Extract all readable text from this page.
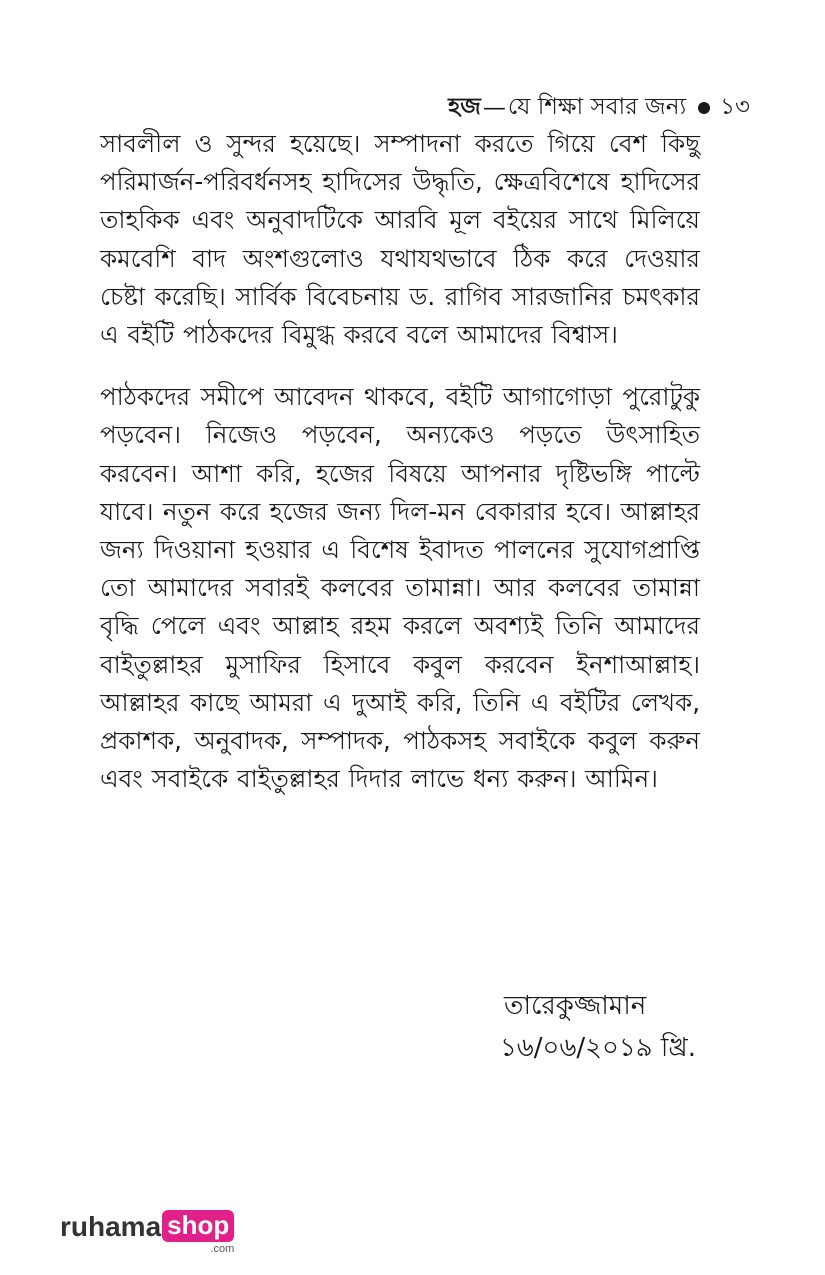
হজ — যে শিক্ষা সবার জন্য ১৩

সাবলীল ও সুন্দর হয়েছে। সম্পাদনা করতে গিয়ে বেশ কিছু পরিমার্জন-পরিবর্ধনসহ হাদিসের উদ্ধৃতি, ক্ষেত্রবিশেষে হাদিসের তাহকিক এবং অনুবাদটিকে আরবি মূল বইয়ের সাথে মিলিয়ে কমবেশি বাদ অংশগুলোও যথাযথভাবে ঠিক করে দেওয়ার চেষ্টা করেছি। সার্বিক বিবেচনায় ড. রাগিব সারজানির চমৎকার এ বইটি পাঠকদের বিমুগ্ধ করবে বলে আমাদের বিশ্বাস।

পাঠকদের সমীপে আবেদন থাকবে, বইটি আগাগোড়া পুরোটুকু পড়বেন। নিজেও পড়বেন, অন্যকেও পড়তে উৎসাহিত করবেন। আশা করি, হজের বিষয়ে আপনার দৃষ্টিভঙ্গি পাল্টে যাবে। নতুন করে হজের জন্য দিল-মন বেকারার হবে। আল্লাহর জন্য দিওয়ানা হওয়ার এ বিশেষ ইবাদত পালনের সুযোগপ্রাপ্তি তো আমাদের সবারই কলবের তামান্না। আর কলবের তামান্না বৃদ্ধি পেলে এবং আল্লাহ রহম করলে অবশ্যই তিনি আমাদের বাইতুল্লাহর মুসাফির হিসাবে কবুল করবেন ইনশাআল্লাহ। আল্লাহর কাছে আমরা এ দুআই করি, তিনি এ বইটির লেখক, প্রকাশক, অনুবাদক, সম্পাদক, পাঠকসহ সবাইকে কবুল করুন এবং সবাইকে বাইতুল্লাহর দিদার লাভে ধন্য করুন। আমিন।

তারেকুজ্জামান
১৬/০৬/২০১৯ খ্রি.
ruhama shop
.com
